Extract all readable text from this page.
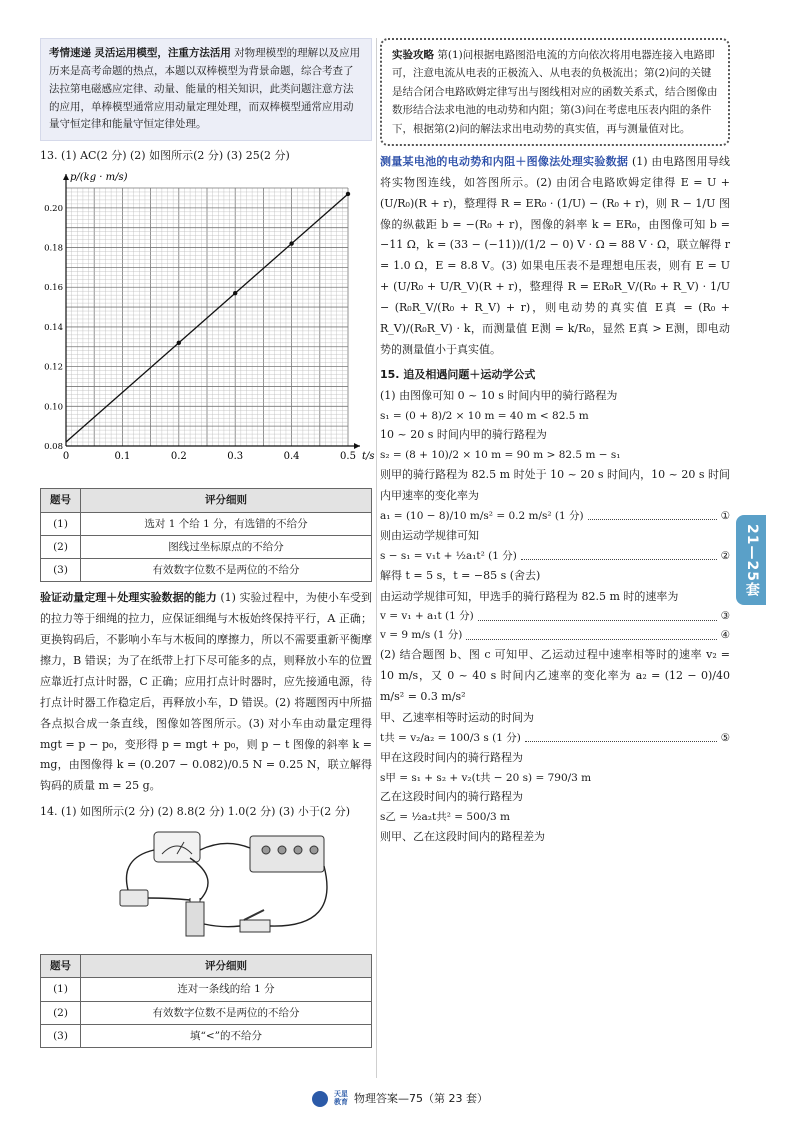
考情速递 灵活运用模型，注重方法活用 对物理模型的理解以及应用历来是高考命题的热点，本题以双棒模型为背景命题，综合考查了法拉第电磁感应定律、动量、能量的相关知识，此类问题注意方法的应用，单棒模型通常应用动量定理处理，而双棒模型通常应用动量守恒定律和能量守恒定律处理。
13. (1) AC(2 分) (2) 如图所示(2 分) (3) 25(2 分)
0	0.1	0.2	0.3	0.4	0.5
0.08
0.10
0.12
0.14
0.16
0.18
0.20
t/s
p/(kg · m/s)
题号	评分细则
(1)	选对 1 个给 1 分，有选错的不给分
(2)	图线过坐标原点的不给分
(3)	有效数字位数不是两位的不给分
验证动量定理＋处理实验数据的能力 (1) 实验过程中，为使小车受到的拉力等于细绳的拉力，应保证细绳与木板始终保持平行，A 正确；更换钩码后，不影响小车与木板间的摩擦力，所以不需要重新平衡摩擦力，B 错误；为了在纸带上打下尽可能多的点，则释放小车的位置应靠近打点计时器，C 正确；应用打点计时器时，应先接通电源，待打点计时器工作稳定后，再释放小车，D 错误。(2) 将题图丙中所描各点拟合成一条直线，图像如答图所示。(3) 对小车由动量定理得 mgt = p − p₀，变形得 p = mgt + p₀，则 p − t 图像的斜率 k = mg，由图像得 k = (0.207 − 0.082)/0.5 N = 0.25 N，联立解得钩码的质量 m = 25 g。
14. (1) 如图所示(2 分) (2) 8.8(2 分) 1.0(2 分) (3) 小于(2 分)
题号	评分细则
(1)	连对一条线的给 1 分
(2)	有效数字位数不是两位的不给分
(3)	填“<”的不给分
实验攻略 第(1)问根据电路图沿电流的方向依次将用电器连接入电路即可，注意电流从电表的正极流入、从电表的负极流出；第(2)问的关键是结合闭合电路欧姆定律写出与图线相对应的函数关系式，结合图像由数形结合法求电池的电动势和内阻；第(3)问在考虑电压表内阻的条件下，根据第(2)问的解法求出电动势的真实值，再与测量值对比。
测量某电池的电动势和内阻＋图像法处理实验数据 (1) 由电路图用导线将实物图连线，如答图所示。(2) 由闭合电路欧姆定律得 E = U + (U/R₀)(R + r)，整理得 R = ER₀ · (1/U) − (R₀ + r)，则 R − 1/U 图像的纵截距 b = −(R₀ + r)，图像的斜率 k = ER₀，由图像可知 b = −11 Ω，k = (33 − (−11))/(1/2 − 0) V · Ω = 88 V · Ω，联立解得 r = 1.0 Ω，E = 8.8 V。(3) 如果电压表不是理想电压表，则有 E = U + (U/R₀ + U/R_V)(R + r)，整理得 R = ER₀R_V/(R₀ + R_V) · 1/U − (R₀R_V/(R₀ + R_V) + r)，则电动势的真实值 E真 = (R₀ + R_V)/(R₀R_V) · k，而测量值 E测 = k/R₀，显然 E真 > E测，即电动势的测量值小于真实值。
15. 追及相遇问题＋运动学公式
(1) 由图像可知 0 ~ 10 s 时间内甲的骑行路程为
s₁ = (0 + 8)/2 × 10 m = 40 m < 82.5 m
10 ~ 20 s 时间内甲的骑行路程为
s₂ = (8 + 10)/2 × 10 m = 90 m > 82.5 m − s₁
则甲的骑行路程为 82.5 m 时处于 10 ~ 20 s 时间内，10 ~ 20 s 时间内甲速率的变化率为
a₁ = (10 − 8)/10 m/s² = 0.2 m/s² (1 分)	①
则由运动学规律可知
s − s₁ = v₁t + ½a₁t² (1 分)	②
解得 t = 5 s，t = −85 s (舍去)
由运动学规律可知，甲选手的骑行路程为 82.5 m 时的速率为
v = v₁ + a₁t (1 分)	③
v = 9 m/s (1 分)	④
(2) 结合题图 b、图 c 可知甲、乙运动过程中速率相等时的速率 v₂ = 10 m/s，又 0 ~ 40 s 时间内乙速率的变化率为 a₂ = (12 − 0)/40 m/s² = 0.3 m/s²
甲、乙速率相等时运动的时间为
t共 = v₂/a₂ = 100/3 s (1 分)	⑤
甲在这段时间内的骑行路程为
s甲 = s₁ + s₂ + v₂(t共 − 20 s) = 790/3 m
乙在这段时间内的骑行路程为
s乙 = ½a₂t共² = 500/3 m
则甲、乙在这段时间内的路程差为
21—25套
天星
教育 物理答案—75（第 23 套）
